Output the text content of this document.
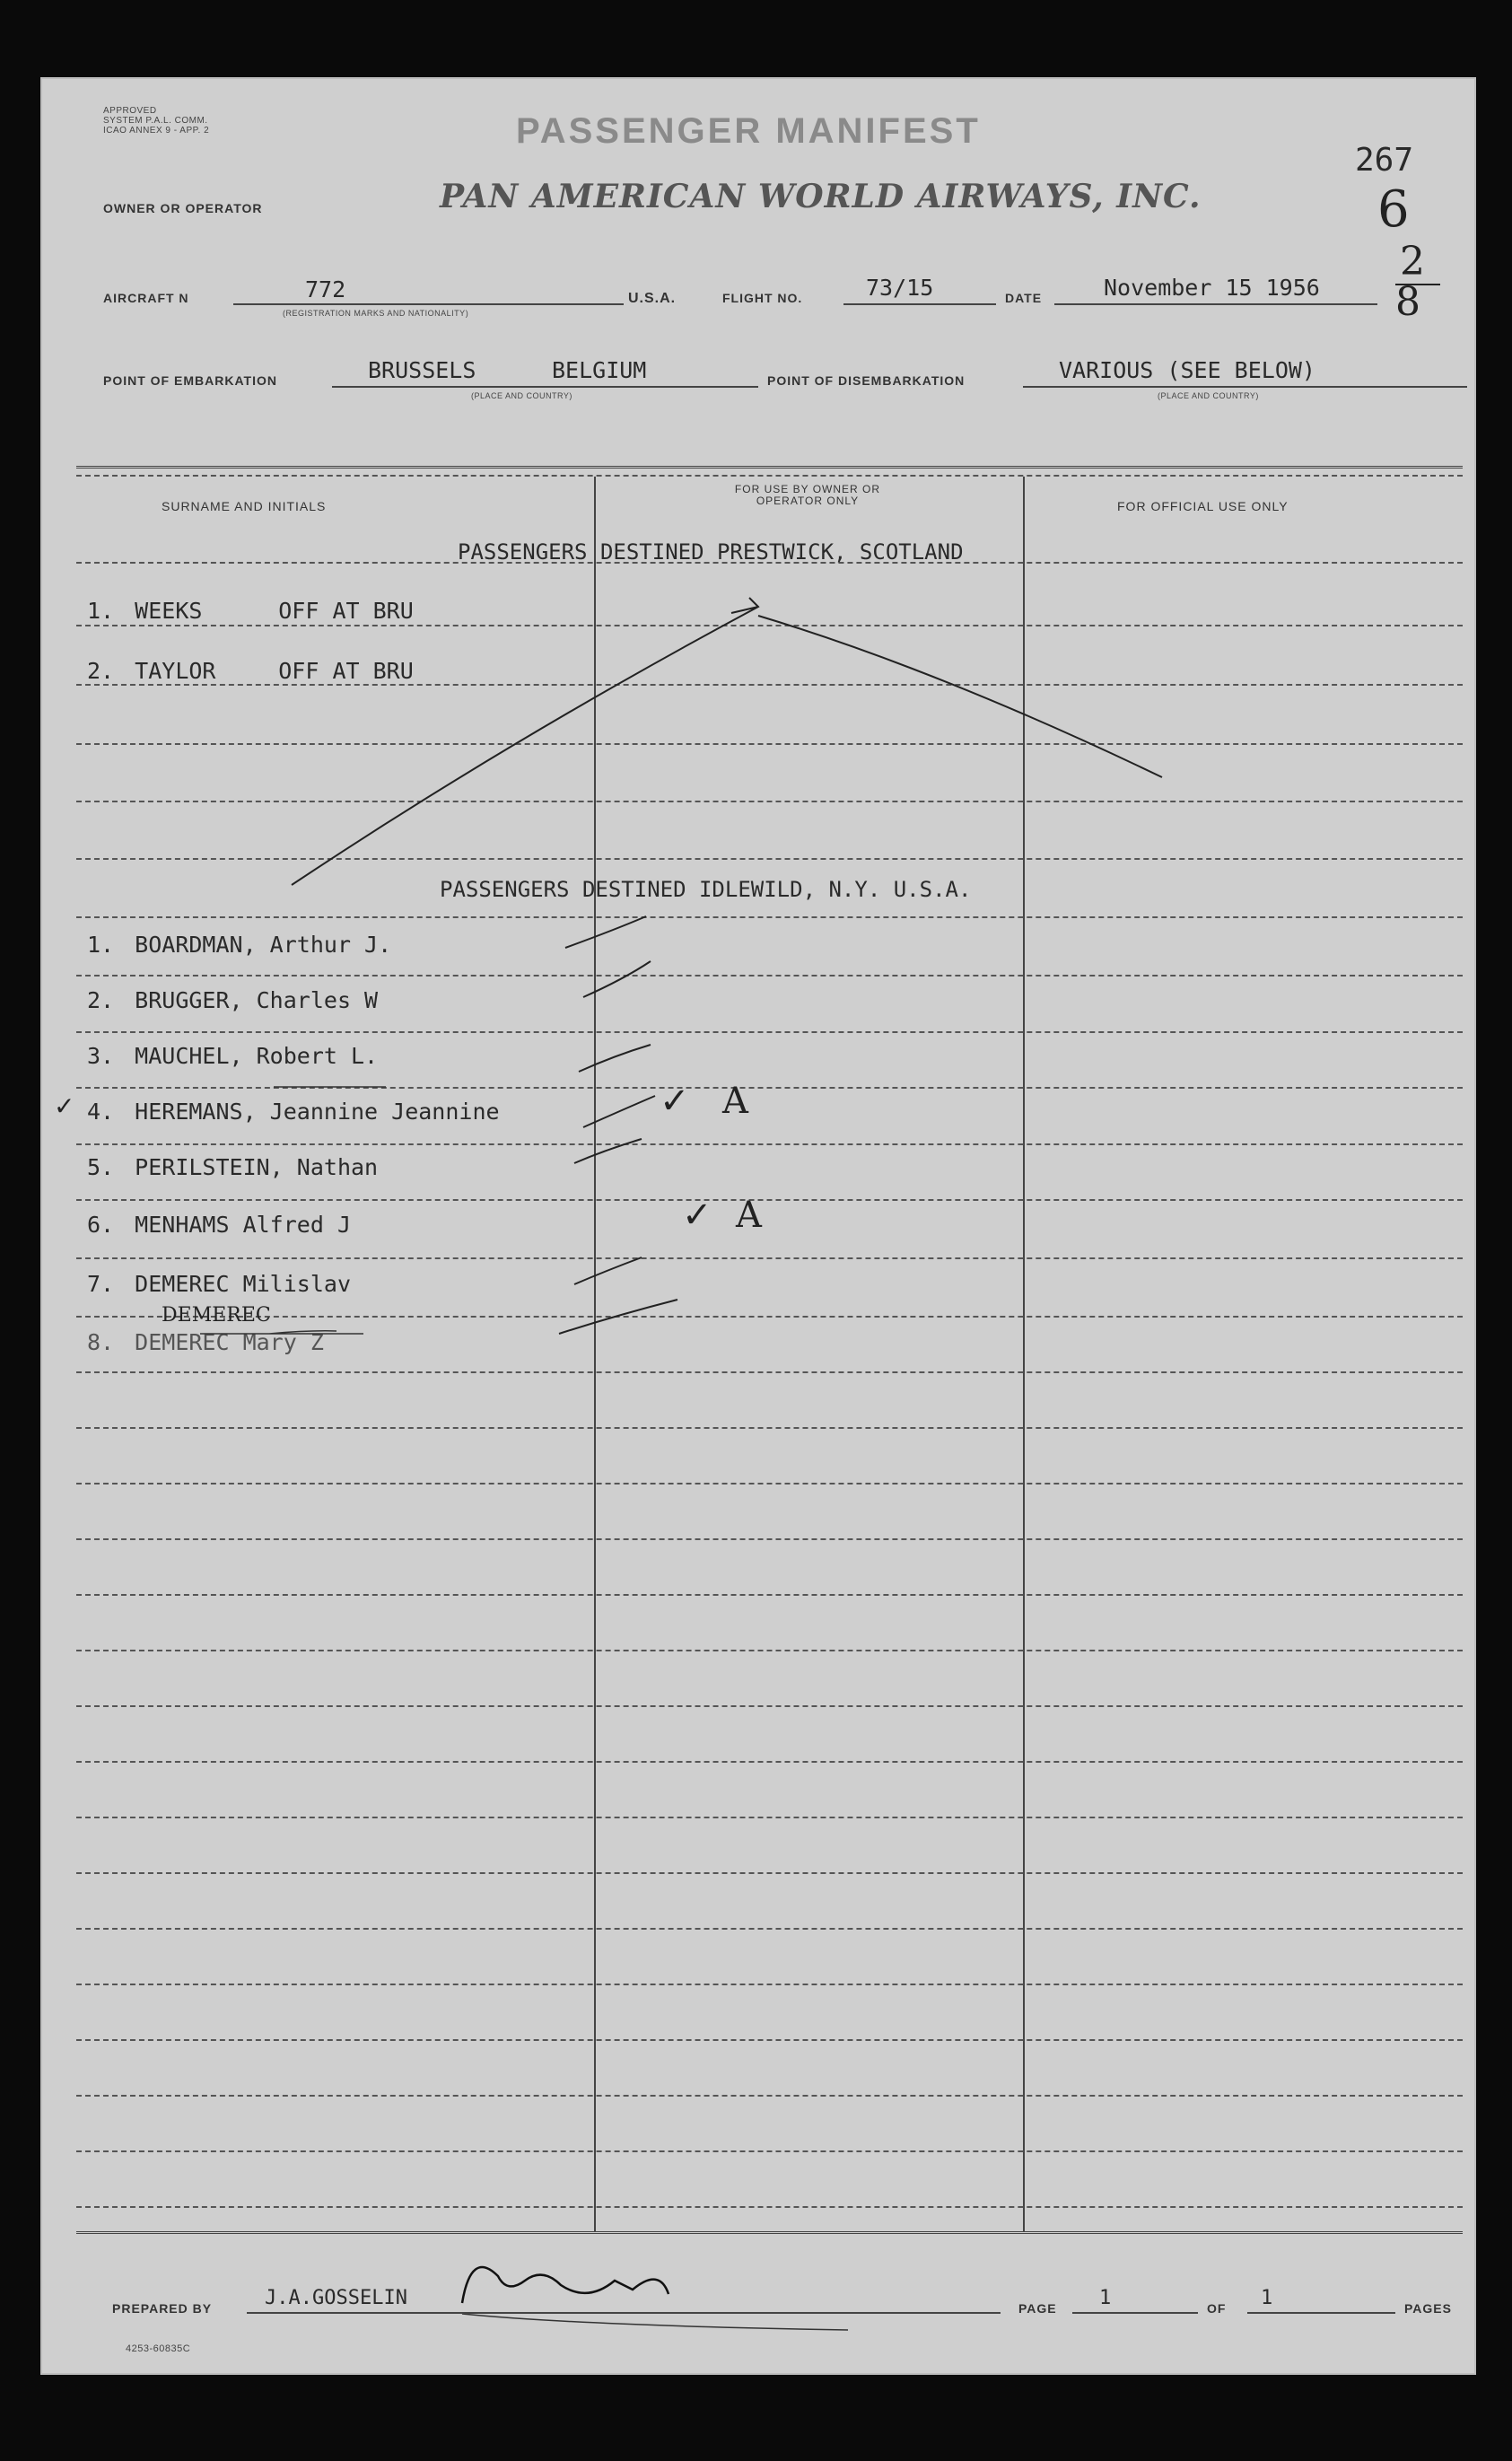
APPROVED
SYSTEM P.A.L. COMM.
ICAO ANNEX 9 - APP. 2	PASSENGER MANIFEST
OWNER OR OPERATOR	PAN AMERICAN WORLD AIRWAYS, INC.
267
6
2
8
AIRCRAFT N	772
(REGISTRATION MARKS AND NATIONALITY)
U.S.A.	FLIGHT NO.	73/15	DATE	November 15 1956
POINT OF EMBARKATION	BRUSSELS	BELGIUM
(PLACE AND COUNTRY)
POINT OF DISEMBARKATION	VARIOUS (SEE BELOW)
(PLACE AND COUNTRY)
SURNAME AND INITIALS
FOR USE BY OWNER OR OPERATOR ONLY	FOR OFFICIAL USE ONLY
PASSENGERS DESTINED PRESTWICK, SCOTLAND
1. WEEKS	OFF AT BRU
2. TAYLOR	OFF AT BRU
PASSENGERS DESTINED IDLEWILD, N.Y. U.S.A.
1. BOARDMAN, Arthur J.
2. BRUGGER, Charles W
3. MAUCHEL, Robert L.
4. HEREMANS, Jeannine Jeannine
5. PERILSTEIN, Nathan
6. MENHAMS Alfred J
7. DEMEREC Milislav
8. DEMEREC Mary Z
DEMEREC
✓	✓ A
✓ A
PREPARED BY	J.A.GOSSELIN	PAGE 1	OF 1	PAGES
4253-60835C
